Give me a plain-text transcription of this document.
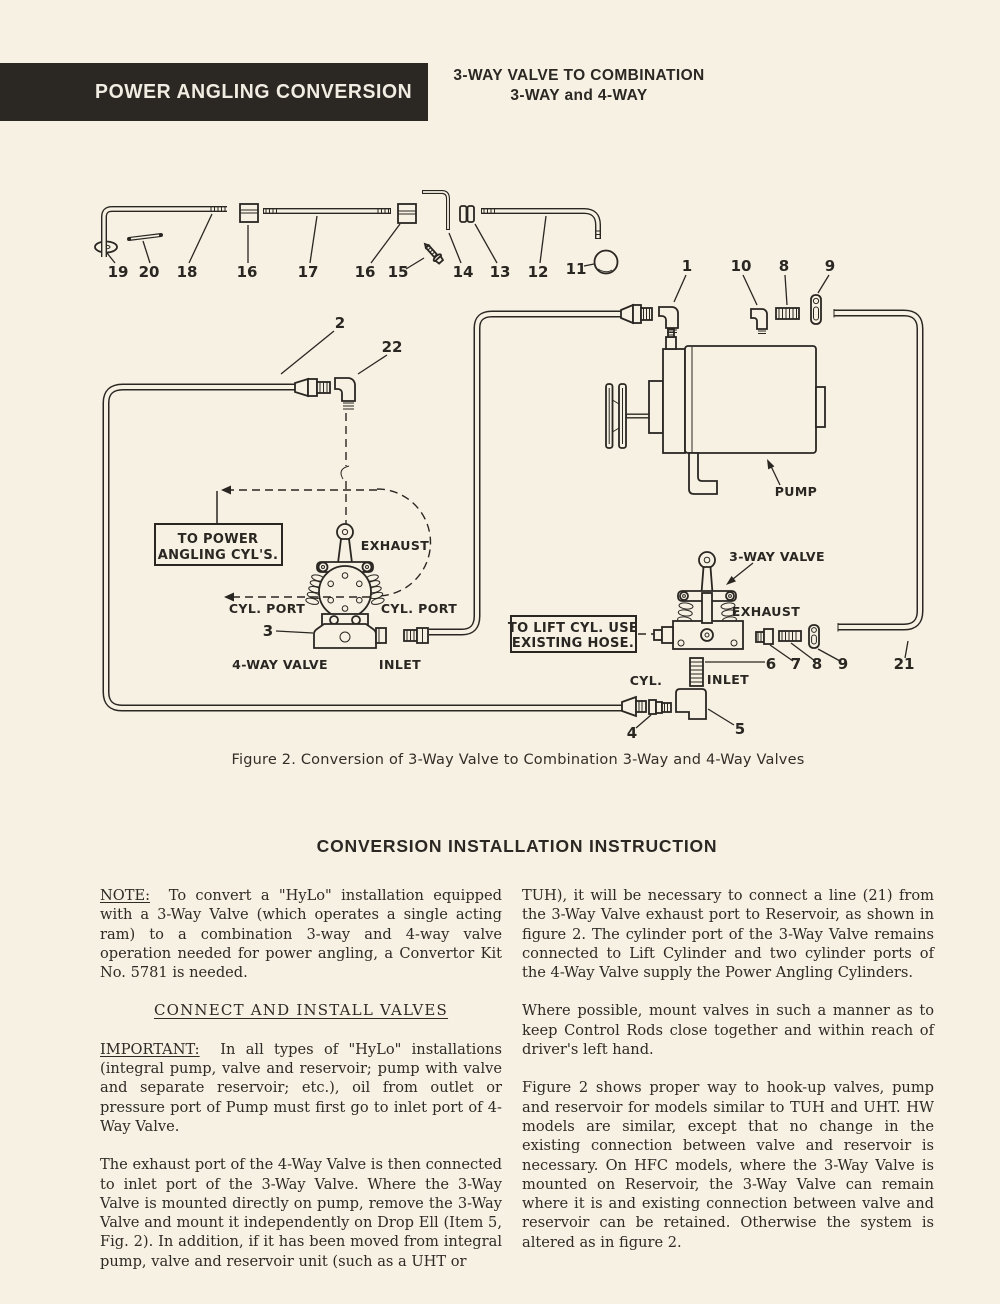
POWER ANGLING CONVERSION
3-WAY VALVE TO COMBINATION
3-WAY and 4-WAY
19 20 18	16	17 16 15	14 13 12 11
PUMP
1	10 8 9
2
22
3
EXHAUST
CYL. PORT	CYL. PORT
4-WAY VALVE	INLET
TO POWER
ANGLING CYL'S.	3-WAY VALVE
EXHAUST
CYL.	INLET
6 7 8 9	21
4	5
TO LIFT CYL. USE
EXISTING HOSE.
Figure 2. Conversion of 3-Way Valve to Combination 3-Way and 4-Way Valves
CONVERSION INSTALLATION INSTRUCTION

NOTE: To convert a "HyLo" installation equipped with a 3-Way Valve (which operates a single acting ram) to a combination 3-way and 4-way valve operation needed for power angling, a Convertor Kit No. 5781 is needed.

CONNECT AND INSTALL VALVES

IMPORTANT: In all types of "HyLo" installations (integral pump, valve and reservoir; pump with valve and separate reservoir; etc.), oil from outlet or pressure port of Pump must first go to inlet port of 4-Way Valve.

The exhaust port of the 4-Way Valve is then connected to inlet port of the 3-Way Valve. Where the 3-Way Valve is mounted directly on pump, remove the 3-Way Valve and mount it independently on Drop Ell (Item 5, Fig. 2). In addition, if it has been moved from integral pump, valve and reservoir unit (such as a UHT or

TUH), it will be necessary to connect a line (21) from the 3-Way Valve exhaust port to Reservoir, as shown in figure 2. The cylinder port of the 3-Way Valve remains connected to Lift Cylinder and two cylinder ports of the 4-Way Valve supply the Power Angling Cylinders.

Where possible, mount valves in such a manner as to keep Control Rods close together and within reach of driver's left hand.

Figure 2 shows proper way to hook-up valves, pump and reservoir for models similar to TUH and UHT. HW models are similar, except that no change in the existing connection between valve and reservoir is necessary. On HFC models, where the 3-Way Valve is mounted on Reservoir, the 3-Way Valve can remain where it is and existing connection between valve and reservoir can be retained. Otherwise the system is altered as in figure 2.
